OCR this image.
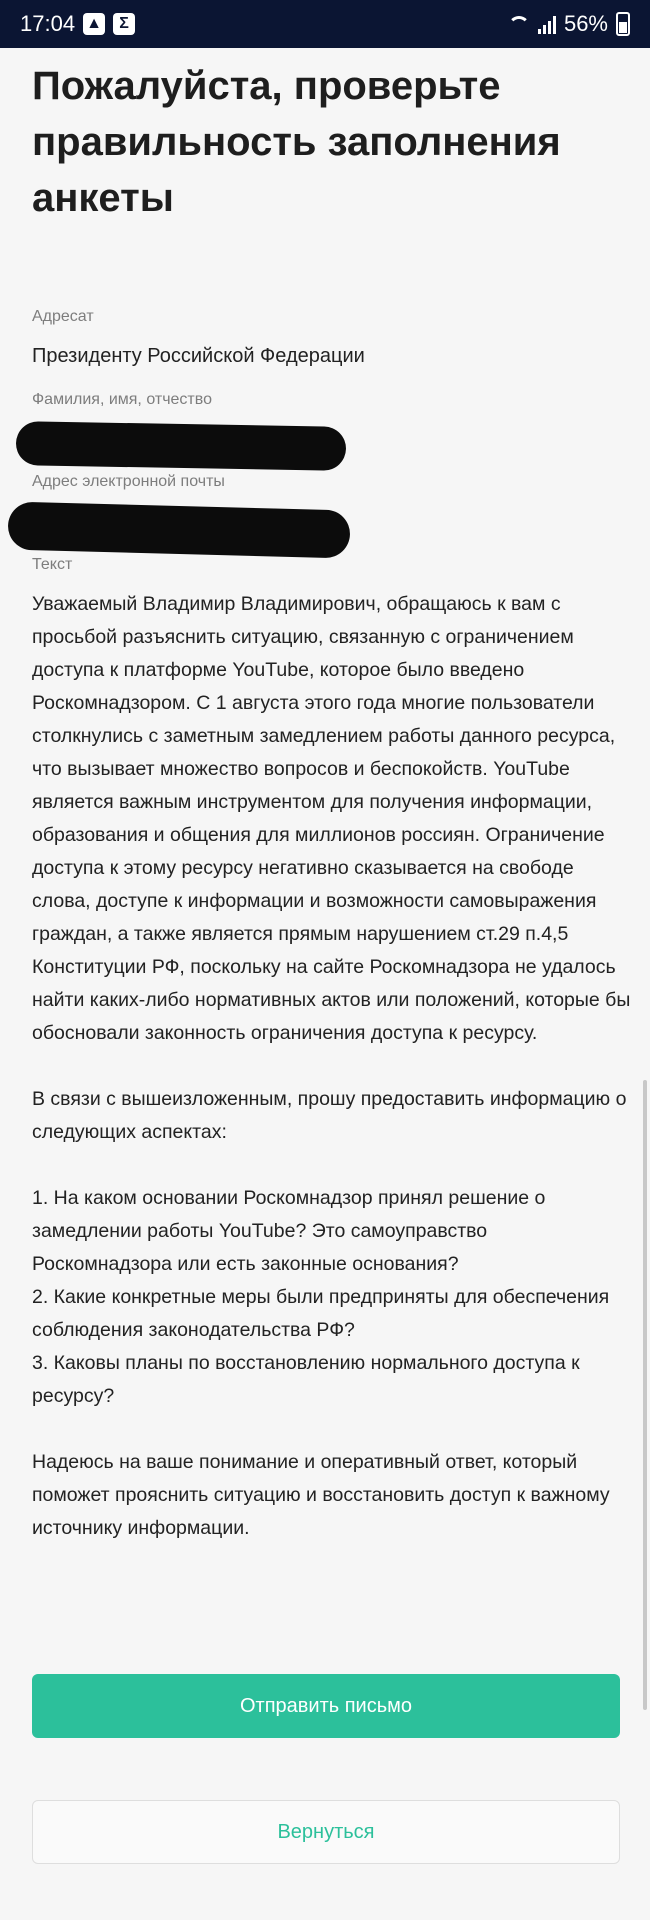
17:04 ▲	Σ	56%
Пожалуйста, проверьте правильность заполнения анкеты
Адресат
Президенту Российской Федерации
Фамилия, имя, отчество
Адрес электронной почты
Текст

Уважаемый Владимир Владимирович, обращаюсь к вам с просьбой разъяснить ситуацию, связанную с ограничением доступа к платформе YouTube, которое было введено Роскомнадзором. С 1 августа этого года многие пользователи столкнулись с заметным замедлением работы данного ресурса, что вызывает множество вопросов и беспокойств. YouTube является важным инструментом для получения информации, образования и общения для миллионов россиян. Ограничение доступа к этому ресурсу негативно сказывается на свободе слова, доступе к информации и возможности самовыражения граждан, а также является прямым нарушением ст.29 п.4,5 Конституции РФ, поскольку на сайте Роскомнадзора не удалось найти каких-либо нормативных актов или положений, которые бы обосновали законность ограничения доступа к ресурсу.

В связи с вышеизложенным, прошу предоставить информацию о следующих аспектах:

1. На каком основании Роскомнадзор принял решение о замедлении работы YouTube? Это самоуправство Роскомнадзора или есть законные основания?
2. Какие конкретные меры были предприняты для обеспечения соблюдения законодательства РФ?
3. Каковы планы по восстановлению нормального доступа к ресурсу?

Надеюсь на ваше понимание и оперативный ответ, который поможет прояснить ситуацию и восстановить доступ к важному источнику информации.

Отправить письмо
Вернуться
